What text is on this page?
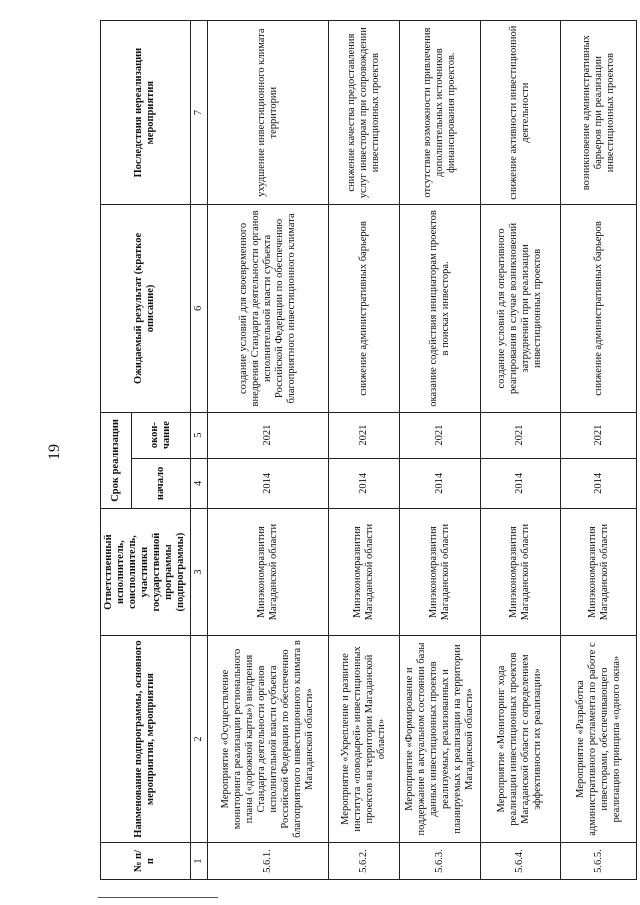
19
№ п/п	Наименование подпрограммы, основного мероприятия, мероприятия	Ответственный исполнитель, соисполнитель, участники государственной программы (подпрограммы)	Срок реализации		Ожидаемый результат (краткое описание)	Последствия нереализации мероприятия
			начало	окон-чание		
1	2	3	4	5	6	7
5.6.1.	Мероприятие «Осуществление мониторинга реализации регионального плана («дорожной карты») внедрения Стандарта деятельности органов исполнительной власти субъекта Российской Федерации по обеспечению благоприятного инвестиционного климата в Магаданской области»	Минэкономразвития Магаданской области	2014	2021	создание условий для своевременного внедрения Стандарта деятельности органов исполнительной власти субъекта Российской Федерации по обеспечению благоприятного инвестиционного климата	ухудшение инвестиционного климата территории
5.6.2.	Мероприятие «Укрепление и развитие института «поводырей» инвестиционных проектов на территории Магаданской области»	Минэкономразвития Магаданской области	2014	2021	снижение административных барьеров	снижение качества предоставления услуг инвесторам при сопровождении инвестиционных проектов
5.6.3.	Мероприятие «Формирование и поддержание в актуальном состоянии базы данных инвестиционных проектов реализуемых, реализованных и планируемых к реализации на территории Магаданской области»	Минэкономразвития Магаданской области	2014	2021	оказание содействия инициаторам проектов в поисках инвестора.	отсутствие возможности привлечения дополнительных источников финансирования проектов.
5.6.4.	Мероприятие «Мониторинг хода реализации инвестиционных проектов Магаданской области с определением эффективности их реализации»	Минэкономразвития Магаданской области	2014	2021	создание условий для оперативного реагирования в случае возникновений затруднений при реализации инвестиционных проектов	снижение активности инвестиционной деятельности
5.6.5.	Мероприятие «Разработка административного регламента по работе с инвесторами, обеспечивающего реализацию принципа «одного окна»	Минэкономразвития Магаданской области	2014	2021	снижение административных барьеров	возникновение административных барьеров при реализации инвестиционных проектов
